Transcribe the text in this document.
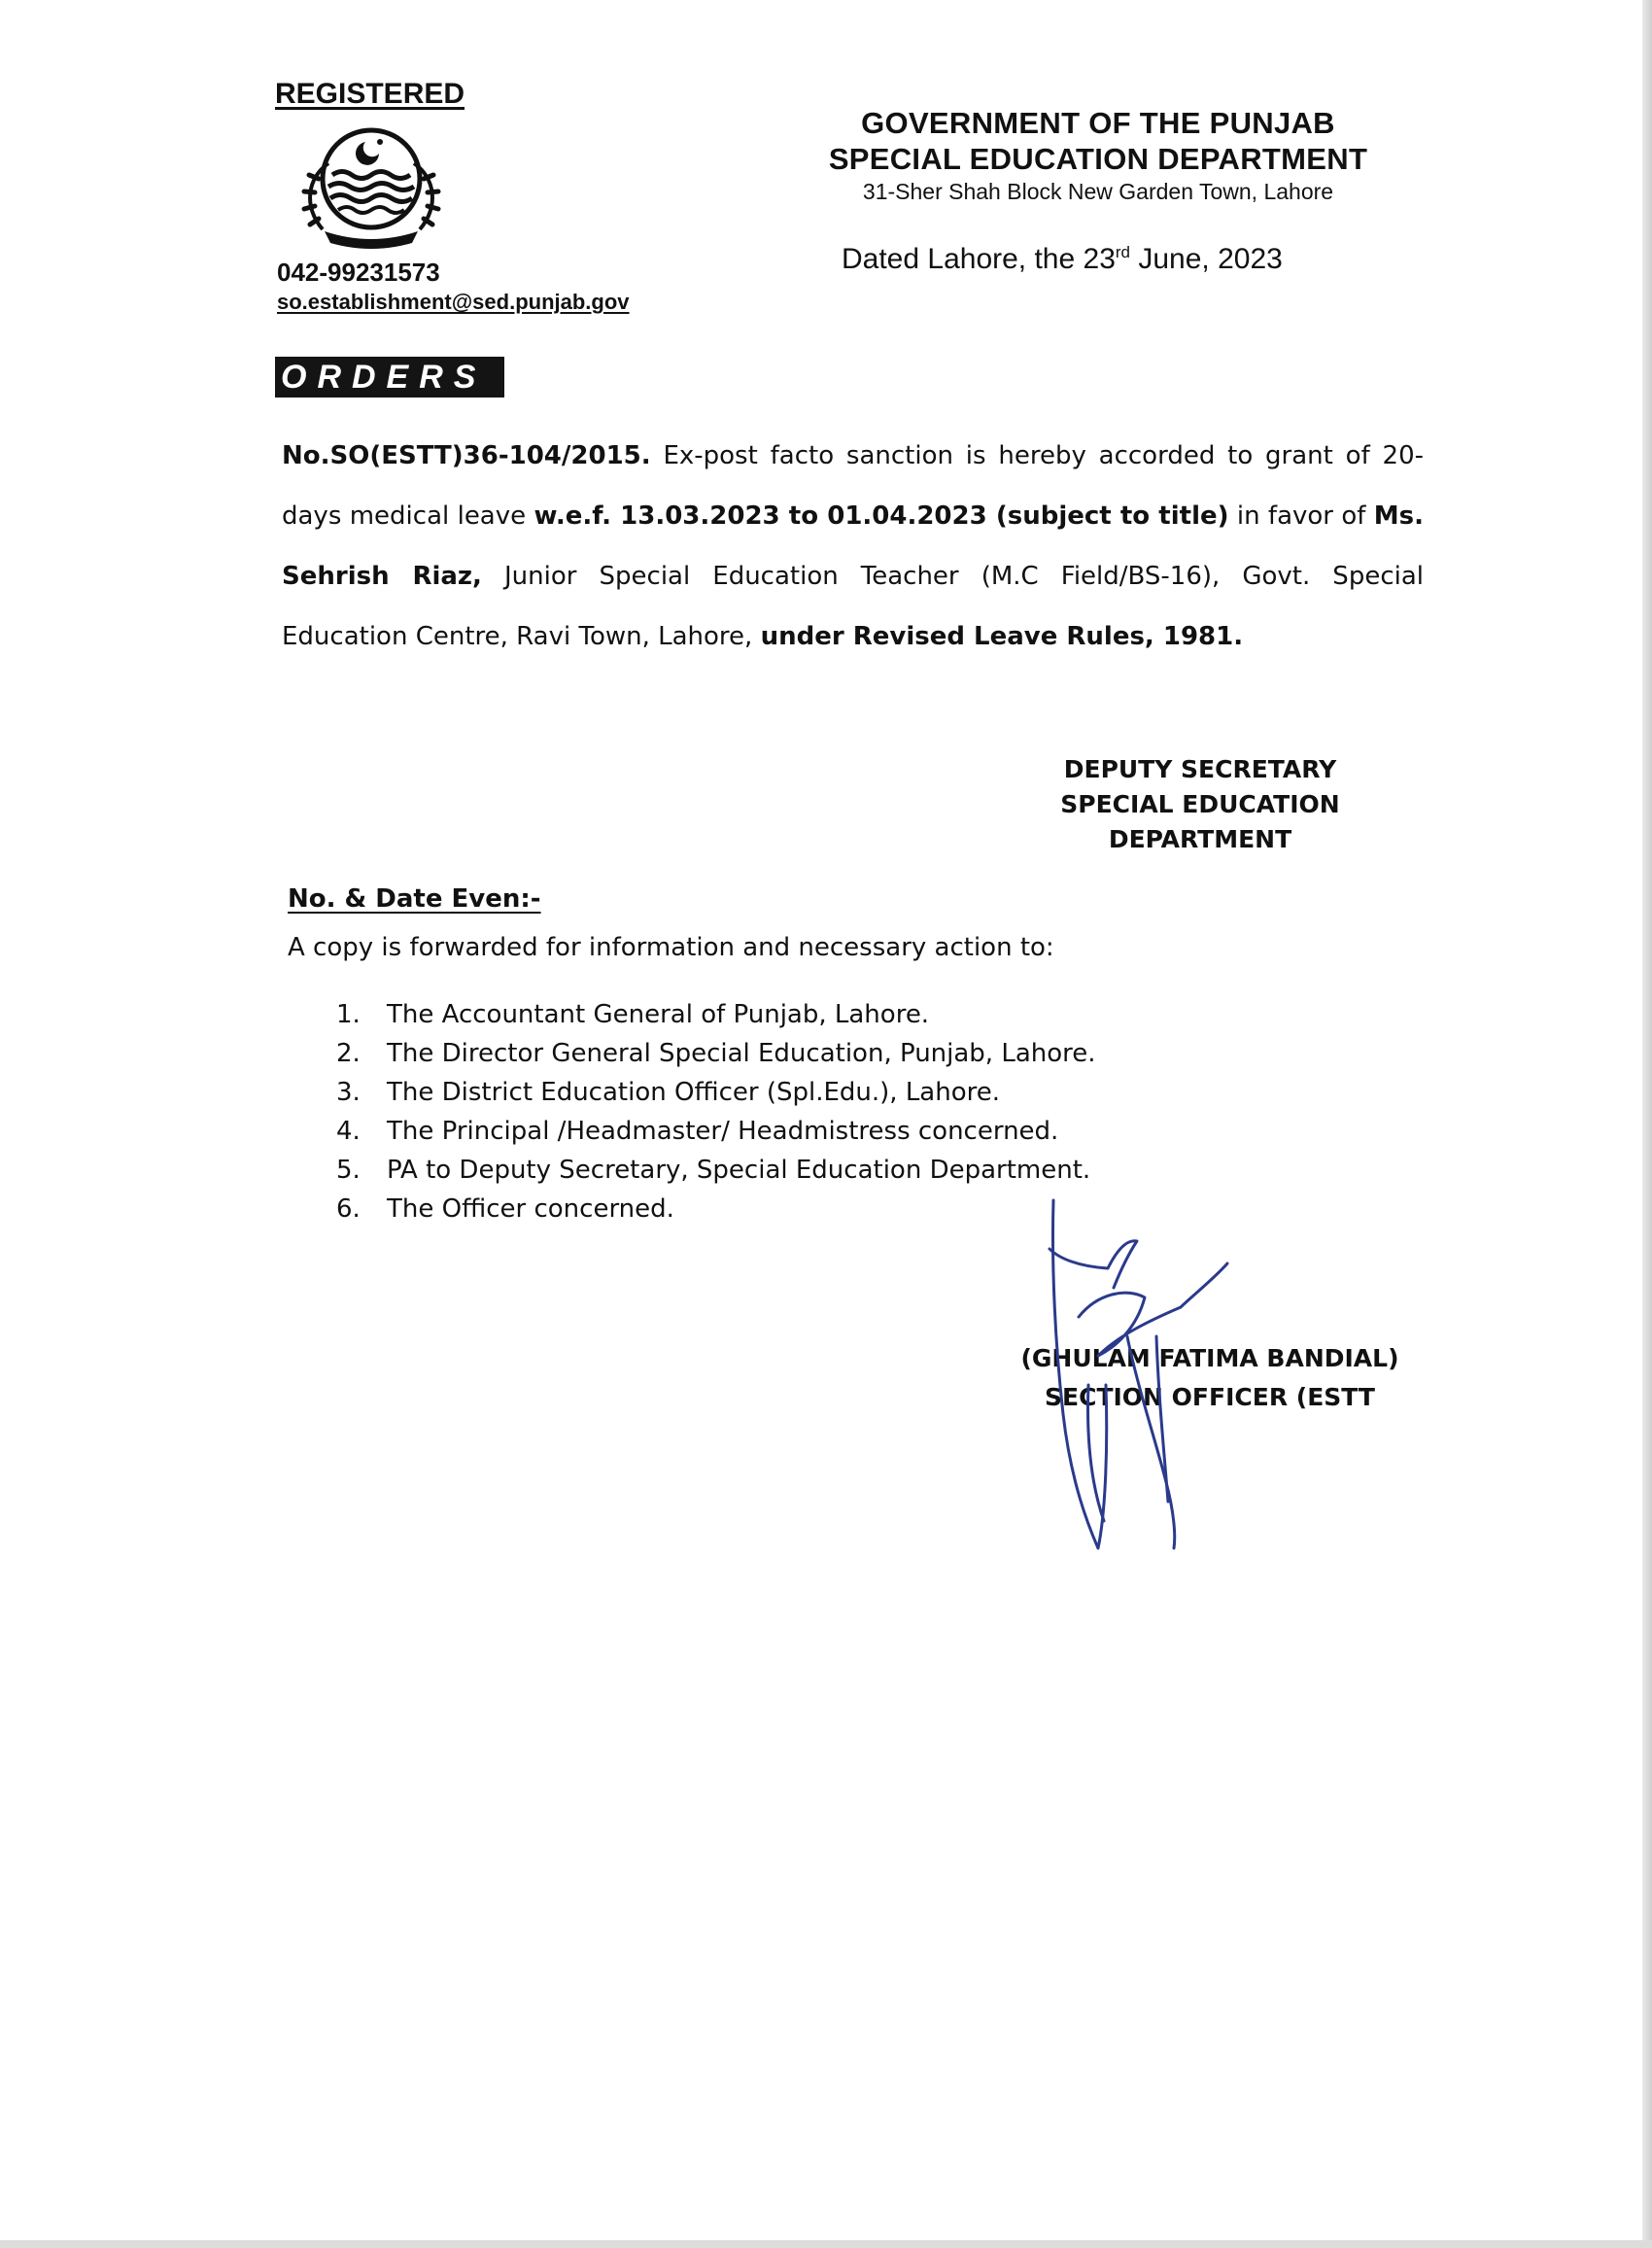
REGISTERED
042-99231573
so.establishment@sed.punjab.gov
GOVERNMENT OF THE PUNJAB
SPECIAL EDUCATION DEPARTMENT
31-Sher Shah Block New Garden Town, Lahore
Dated Lahore, the 23rd June, 2023
ORDERS
No.SO(ESTT)36-104/2015. Ex-post facto sanction is hereby accorded to grant of 20-days medical leave w.e.f. 13.03.2023 to 01.04.2023 (subject to title) in favor of Ms. Sehrish Riaz, Junior Special Education Teacher (M.C Field/BS-16), Govt. Special Education Centre, Ravi Town, Lahore, under Revised Leave Rules, 1981.
DEPUTY SECRETARY
SPECIAL EDUCATION
DEPARTMENT
No. & Date Even:-
A copy is forwarded for information and necessary action to:
1.	The Accountant General of Punjab, Lahore.
2.	The Director General Special Education, Punjab, Lahore.
3.	The District Education Officer (Spl.Edu.), Lahore.
4.	The Principal /Headmaster/ Headmistress concerned.
5.	PA to Deputy Secretary, Special Education Department.
6.	The Officer concerned.
(GHULAM FATIMA BANDIAL)
SECTION OFFICER (ESTT
